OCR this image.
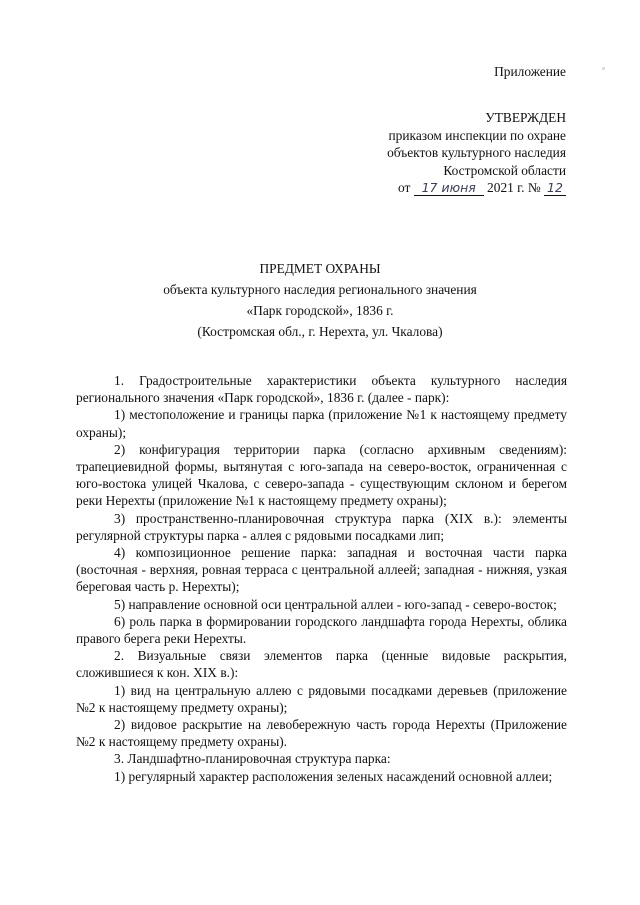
Приложение
УТВЕРЖДЕН
приказом инспекции по охране
объектов культурного наследия
Костромской области
от 17 июня 2021 г. № 12
ПРЕДМЕТ ОХРАНЫ
объекта культурного наследия регионального значения
«Парк городской», 1836 г.
(Костромская обл., г. Нерехта, ул. Чкалова)

1. Градостроительные характеристики объекта культурного наследия регионального значения «Парк городской», 1836 г. (далее - парк):

1) местоположение и границы парка (приложение №1 к настоящему предмету охраны);

2) конфигурация территории парка (согласно архивным сведениям): трапециевидной формы, вытянутая с юго-запада на северо-восток, ограниченная с юго-востока улицей Чкалова, с северо-запада - существующим склоном и берегом реки Нерехты (приложение №1 к настоящему предмету охраны);

3) пространственно-планировочная структура парка (XIX в.): элементы регулярной структуры парка - аллея с рядовыми посадками лип;

4) композиционное решение парка: западная и восточная части парка (восточная - верхняя, ровная терраса с центральной аллеей; западная - нижняя, узкая береговая часть р. Нерехты);

5) направление основной оси центральной аллеи - юго-запад - северо-восток;

6) роль парка в формировании городского ландшафта города Нерехты, облика правого берега реки Нерехты.

2. Визуальные связи элементов парка (ценные видовые раскрытия, сложившиеся к кон. XIX в.):

1) вид на центральную аллею с рядовыми посадками деревьев (приложение №2 к настоящему предмету охраны);

2) видовое раскрытие на левобережную часть города Нерехты (Приложение №2 к настоящему предмету охраны).

3. Ландшафтно-планировочная структура парка:

1) регулярный характер расположения зеленых насаждений основной аллеи;
